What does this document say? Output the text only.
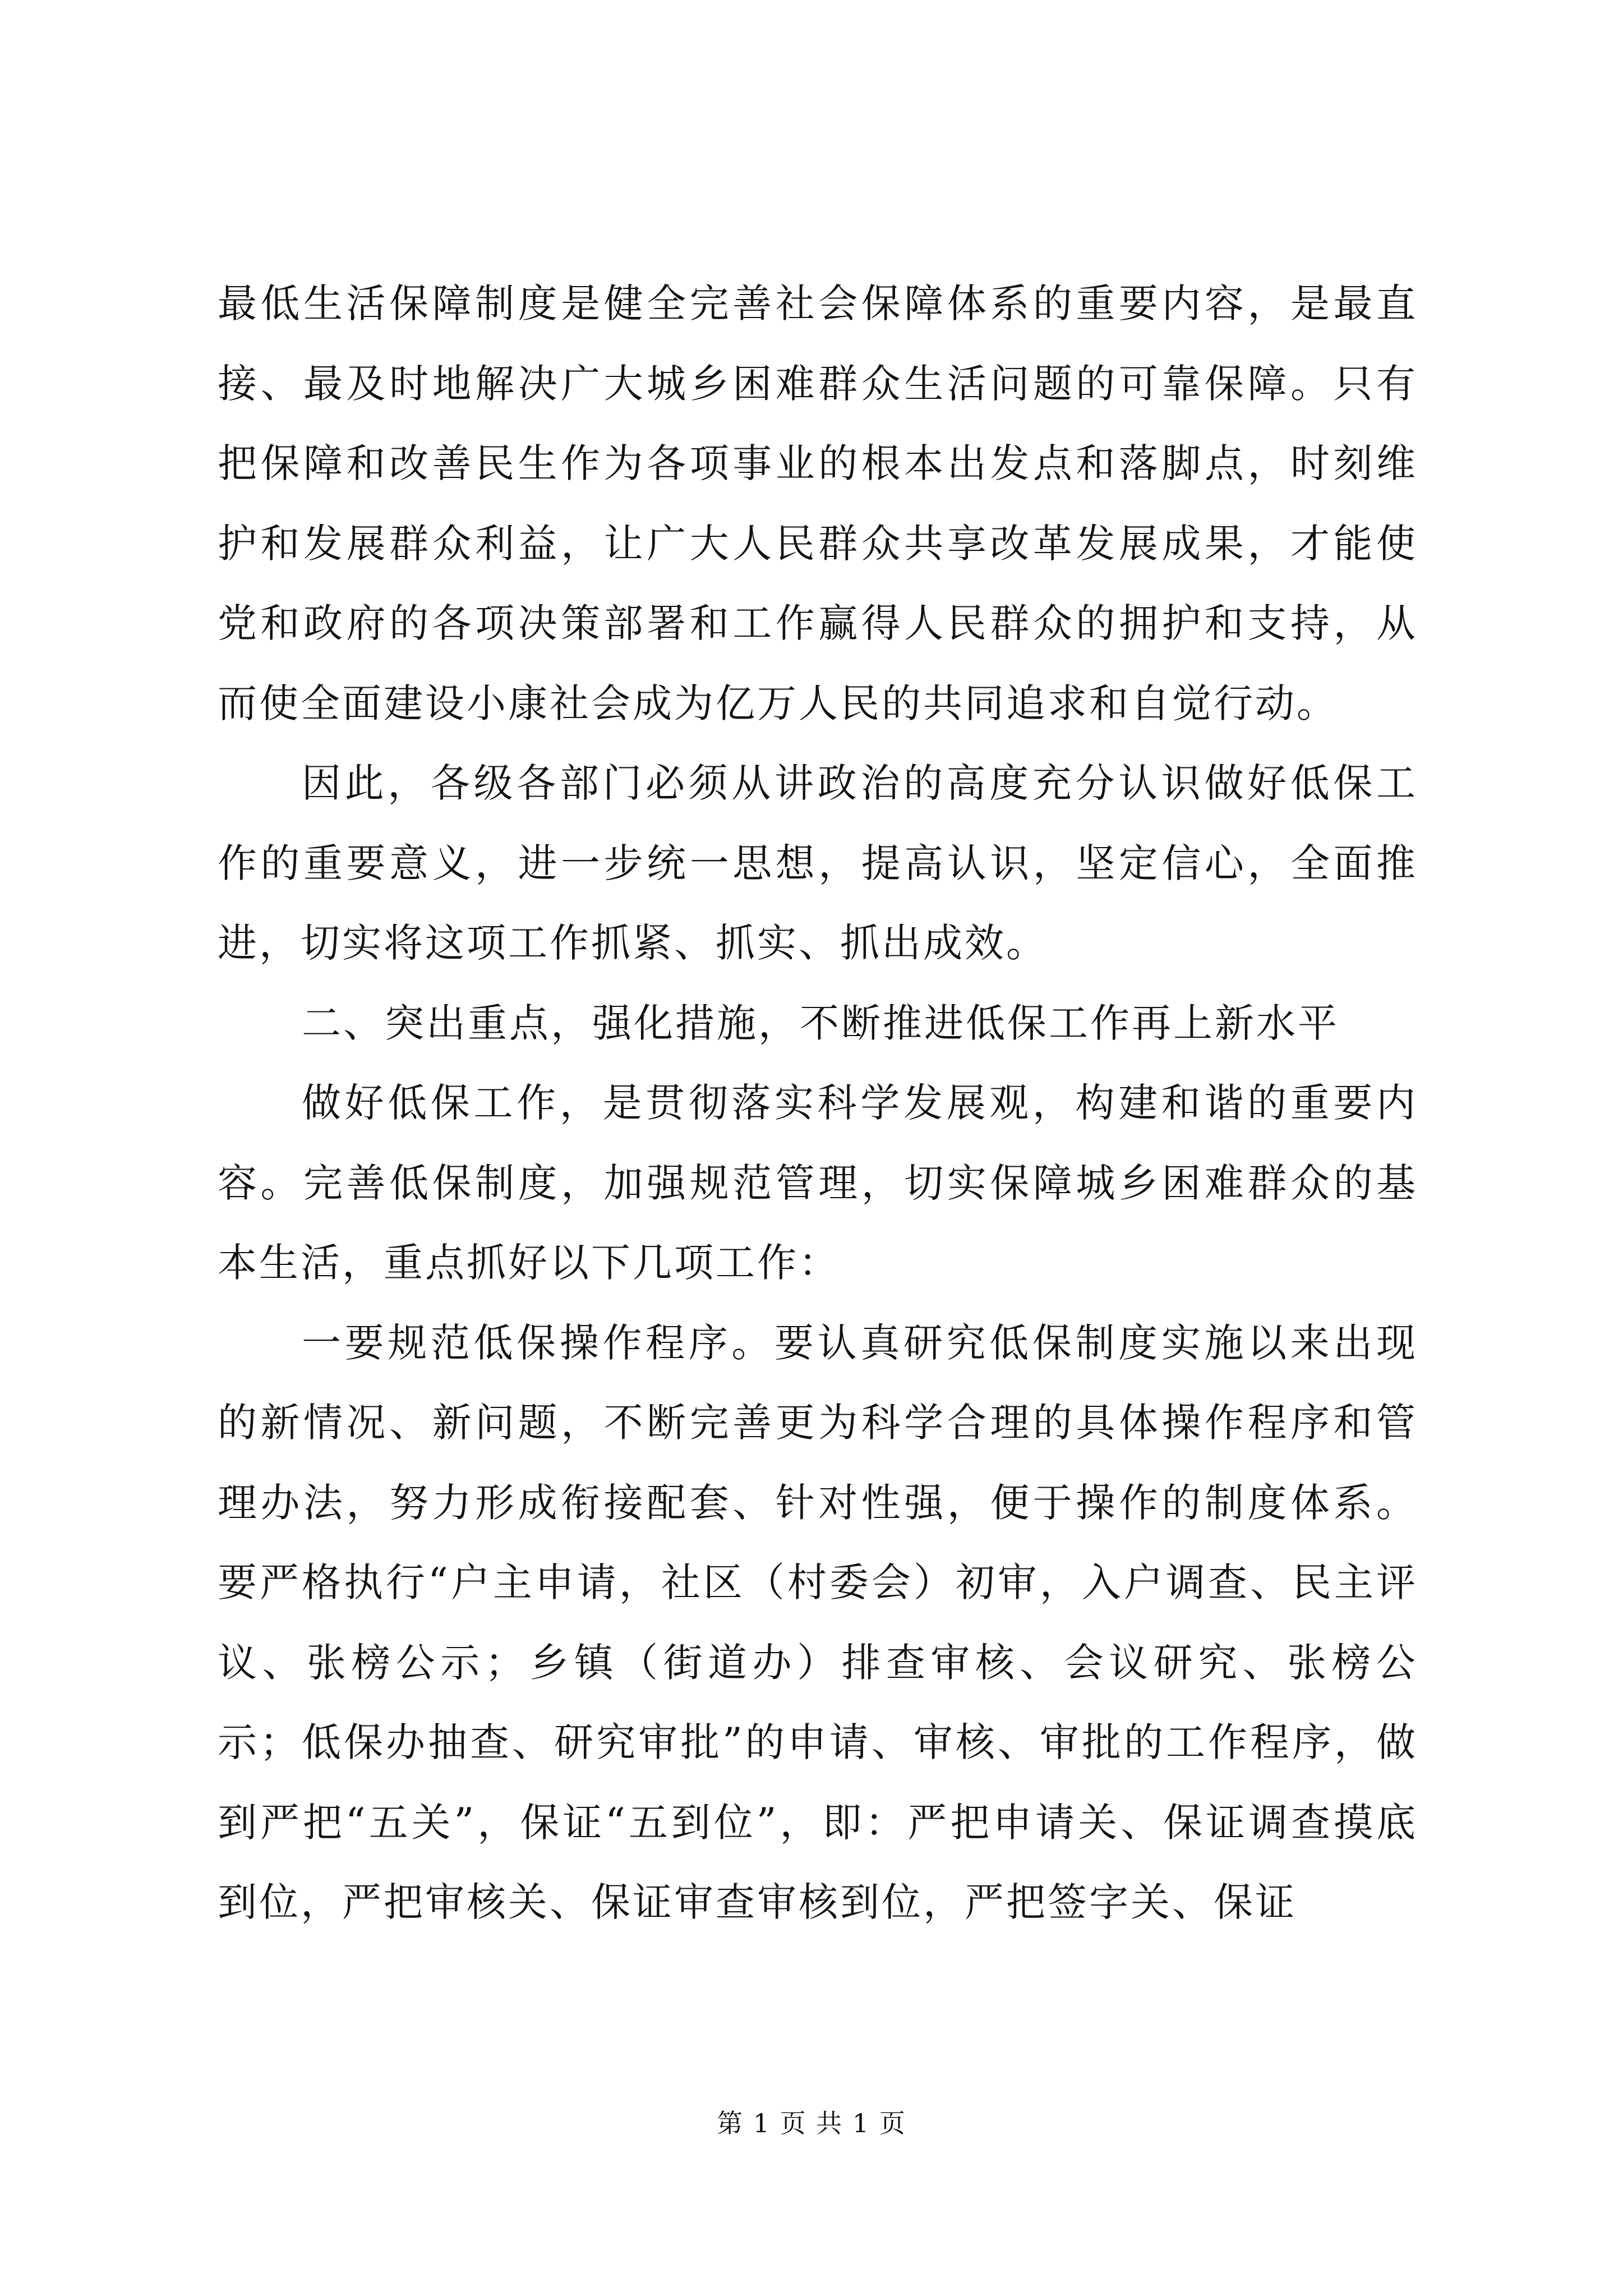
最低生活保障制度是健全完善社会保障体系的重要内容，是最直接、最及时地解决广大城乡困难群众生活问题的可靠保障。只有把保障和改善民生作为各项事业的根本出发点和落脚点，时刻维护和发展群众利益，让广大人民群众共享改革发展成果，才能使党和政府的各项决策部署和工作赢得人民群众的拥护和支持，从而使全面建设小康社会成为亿万人民的共同追求和自觉行动。

因此，各级各部门必须从讲政治的高度充分认识做好低保工作的重要意义，进一步统一思想，提高认识，坚定信心，全面推进，切实将这项工作抓紧、抓实、抓出成效。

二、突出重点，强化措施，不断推进低保工作再上新水平

做好低保工作，是贯彻落实科学发展观，构建和谐的重要内容。完善低保制度，加强规范管理，切实保障城乡困难群众的基本生活，重点抓好以下几项工作：

一要规范低保操作程序。要认真研究低保制度实施以来出现的新情况、新问题，不断完善更为科学合理的具体操作程序和管理办法，努力形成衔接配套、针对性强，便于操作的制度体系。要严格执行“户主申请，社区（村委会）初审，入户调查、民主评议、张榜公示；乡镇（街道办）排查审核、会议研究、张榜公示；低保办抽查、研究审批”的申请、审核、审批的工作程序，做到严把“五关”，保证“五到位”，即：严把申请关、保证调查摸底到位，严把审核关、保证审查审核到位，严把签字关、保证

第 1 页 共 1 页
